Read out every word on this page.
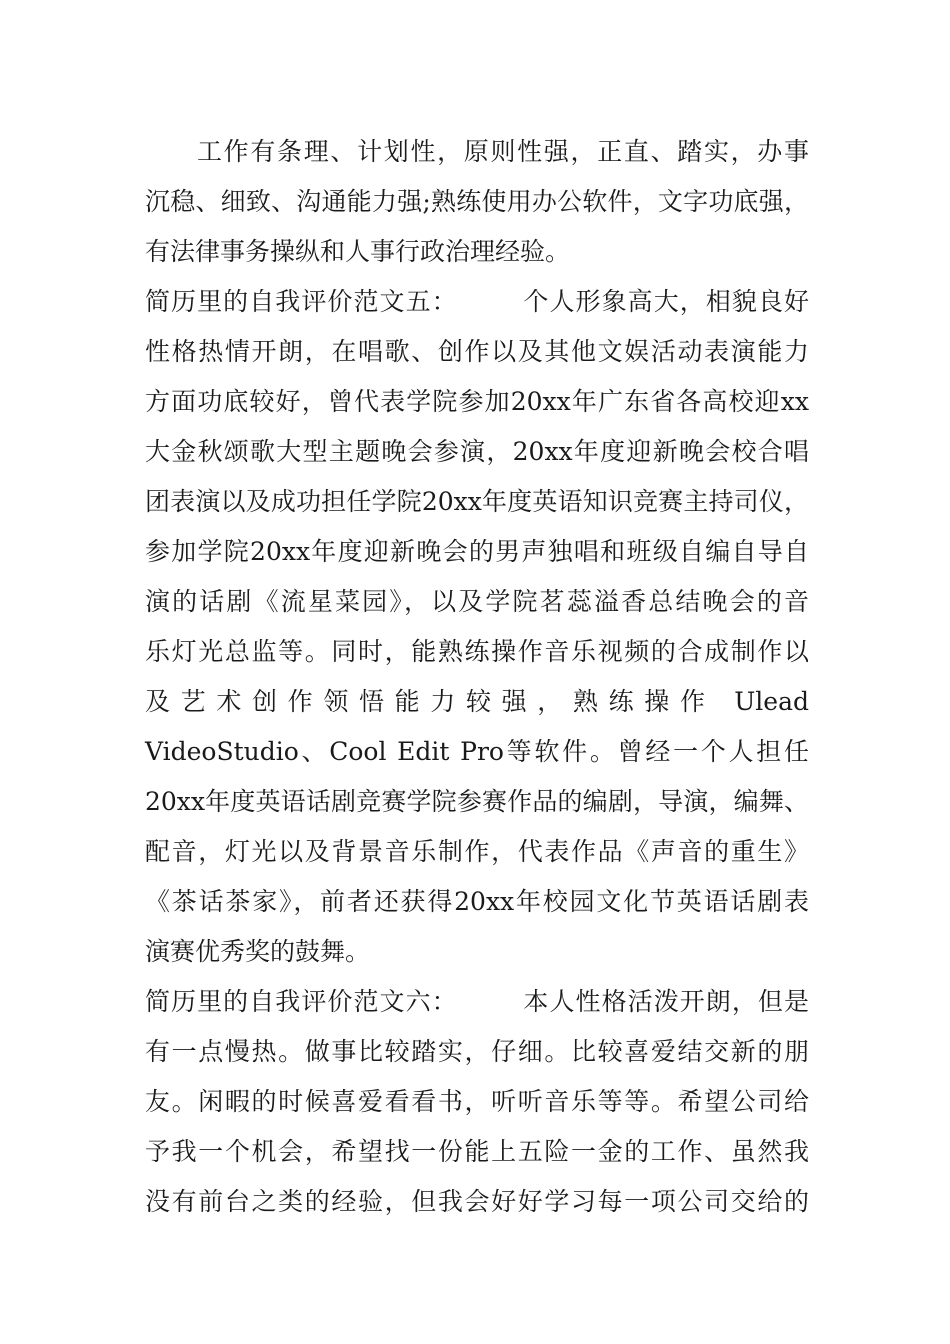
工作有条理、计划性，原则性强，正直、踏实，办事
沉稳、细致、沟通能力强;熟练使用办公软件，文字功底强，
有法律事务操纵和人事行政治理经验。
简历里的自我评价范文五：　　　个人形象高大，相貌良好
性格热情开朗，在唱歌、创作以及其他文娱活动表演能力
方面功底较好，曾代表学院参加20xx年广东省各高校迎xx
大金秋颂歌大型主题晚会参演，20xx年度迎新晚会校合唱
团表演以及成功担任学院20xx年度英语知识竞赛主持司仪，
参加学院20xx年度迎新晚会的男声独唱和班级自编自导自
演的话剧《流星菜园》，以及学院茗蕊溢香总结晚会的音
乐灯光总监等。同时，能熟练操作音乐视频的合成制作以
及艺术创作领悟能力较强，熟练操作 Ulead
VideoStudio、Cool Edit Pro等软件。曾经一个人担任
20xx年度英语话剧竞赛学院参赛作品的编剧，导演，编舞、
配音，灯光以及背景音乐制作，代表作品《声音的重生》
《茶话茶家》，前者还获得20xx年校园文化节英语话剧表
演赛优秀奖的鼓舞。
简历里的自我评价范文六：　　　本人性格活泼开朗，但是
有一点慢热。做事比较踏实，仔细。比较喜爱结交新的朋
友。闲暇的时候喜爱看看书，听听音乐等等。希望公司给
予我一个机会，希望找一份能上五险一金的工作、虽然我
没有前台之类的经验，但我会好好学习每一项公司交给的
